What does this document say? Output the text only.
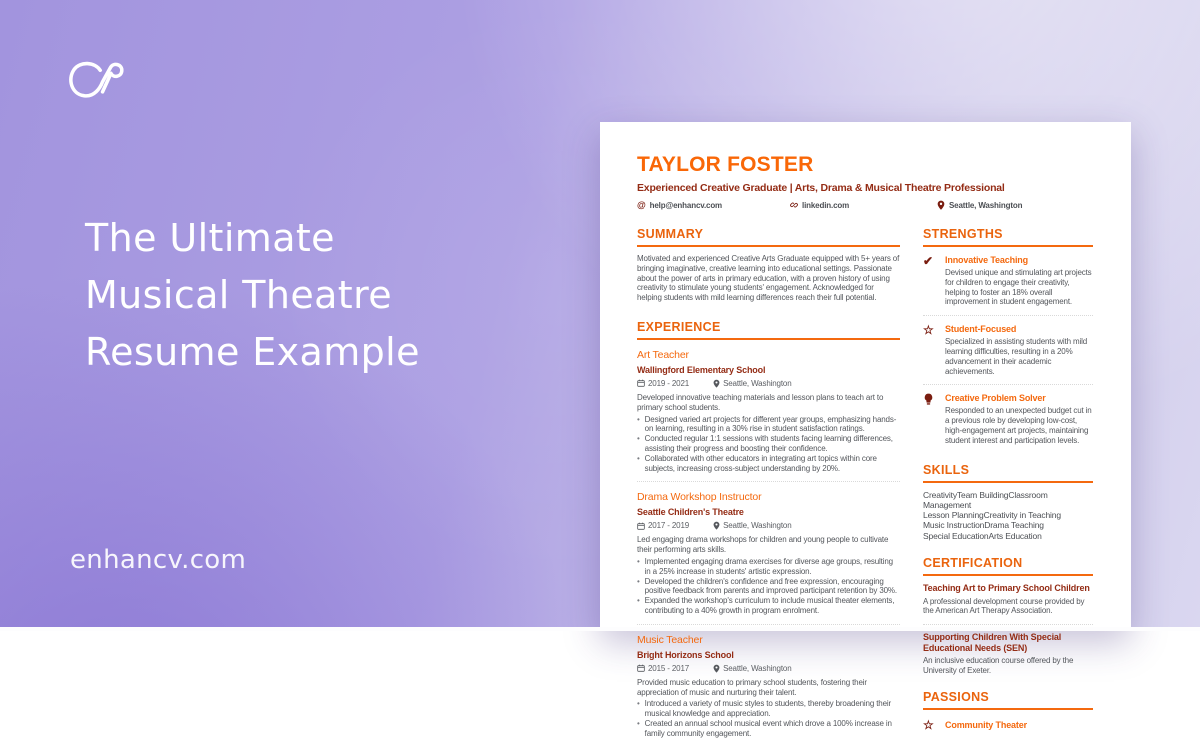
The Ultimate
Musical Theatre
Resume Example
enhancv.com
TAYLOR FOSTER
Experienced Creative Graduate | Arts, Drama & Musical Theatre Professional
@ help@enhancv.com	linkedin.com	Seattle, Washington
SUMMARY
Motivated and experienced Creative Arts Graduate equipped with 5+ years of bringing imaginative, creative learning into educational settings. Passionate about the power of arts in primary education, with a proven history of using creativity to stimulate young students' engagement. Acknowledged for helping students with mild learning differences reach their full potential.
EXPERIENCE
Art Teacher
Wallingford Elementary School
2019 - 2021	Seattle, Washington
Developed innovative teaching materials and lesson plans to teach art to primary school students.
• Designed varied art projects for different year groups, emphasizing hands-on learning, resulting in a 30% rise in student satisfaction ratings.
• Conducted regular 1:1 sessions with students facing learning differences, assisting their progress and boosting their confidence.
• Collaborated with other educators in integrating art topics within core subjects, increasing cross-subject understanding by 20%.
Drama Workshop Instructor
Seattle Children's Theatre
2017 - 2019	Seattle, Washington
Led engaging drama workshops for children and young people to cultivate their performing arts skills.
• Implemented engaging drama exercises for diverse age groups, resulting in a 25% increase in students' artistic expression.
• Developed the children's confidence and free expression, encouraging positive feedback from parents and improved participant retention by 30%.
• Expanded the workshop's curriculum to include musical theater elements, contributing to a 40% growth in program enrolment.
Music Teacher
Bright Horizons School
2015 - 2017	Seattle, Washington
Provided music education to primary school students, fostering their appreciation of music and nurturing their talent.
• Introduced a variety of music styles to students, thereby broadening their musical knowledge and appreciation.
• Created an annual school musical event which drove a 100% increase in family community engagement.
STRENGTHS
✔	Innovative Teaching
Devised unique and stimulating art projects for children to engage their creativity, helping to foster an 18% overall improvement in student engagement.
☆ Student-Focused
Specialized in assisting students with mild learning difficulties, resulting in a 20% advancement in their academic achievements.
Creative Problem Solver
Responded to an unexpected budget cut in a previous role by developing low-cost, high-engagement art projects, maintaining student interest and participation levels.
SKILLS
CreativityTeam BuildingClassroom Management
Lesson PlanningCreativity in Teaching
Music InstructionDrama Teaching
Special EducationArts Education
CERTIFICATION
Teaching Art to Primary School Children
A professional development course provided by the American Art Therapy Association.
Supporting Children With Special Educational Needs (SEN)
An inclusive education course offered by the University of Exeter.
PASSIONS
☆ Community Theater
